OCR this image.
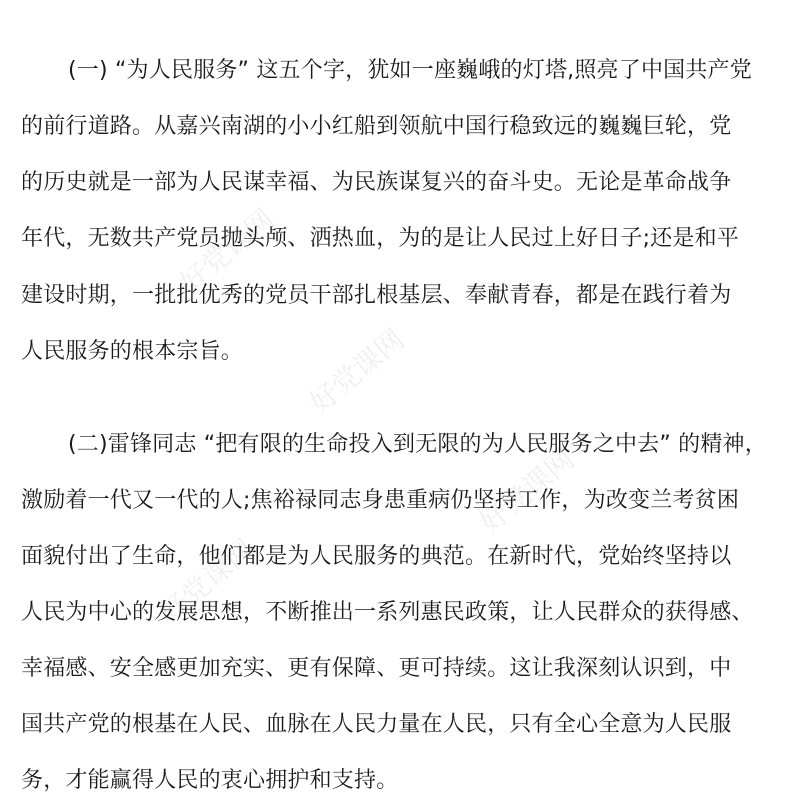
好党课网
好党课网
好党课网
好党课网
(一) “为人民服务” 这五个字，犹如一座巍峨的灯塔,照亮了中国共产党
的前行道路。从嘉兴南湖的小小红船到领航中国行稳致远的巍巍巨轮，党
的历史就是一部为人民谋幸福、为民族谋复兴的奋斗史。无论是革命战争
年代，无数共产党员抛头颅、洒热血，为的是让人民过上好日子;还是和平
建设时期，一批批优秀的党员干部扎根基层、奉献青春，都是在践行着为
人民服务的根本宗旨。
(二)雷锋同志 “把有限的生命投入到无限的为人民服务之中去” 的精神，
激励着一代又一代的人;焦裕禄同志身患重病仍坚持工作，为改变兰考贫困
面貌付出了生命，他们都是为人民服务的典范。在新时代，党始终坚持以
人民为中心的发展思想，不断推出一系列惠民政策，让人民群众的获得感、
幸福感、安全感更加充实、更有保障、更可持续。这让我深刻认识到，中
国共产党的根基在人民、血脉在人民力量在人民，只有全心全意为人民服
务，才能赢得人民的衷心拥护和支持。
